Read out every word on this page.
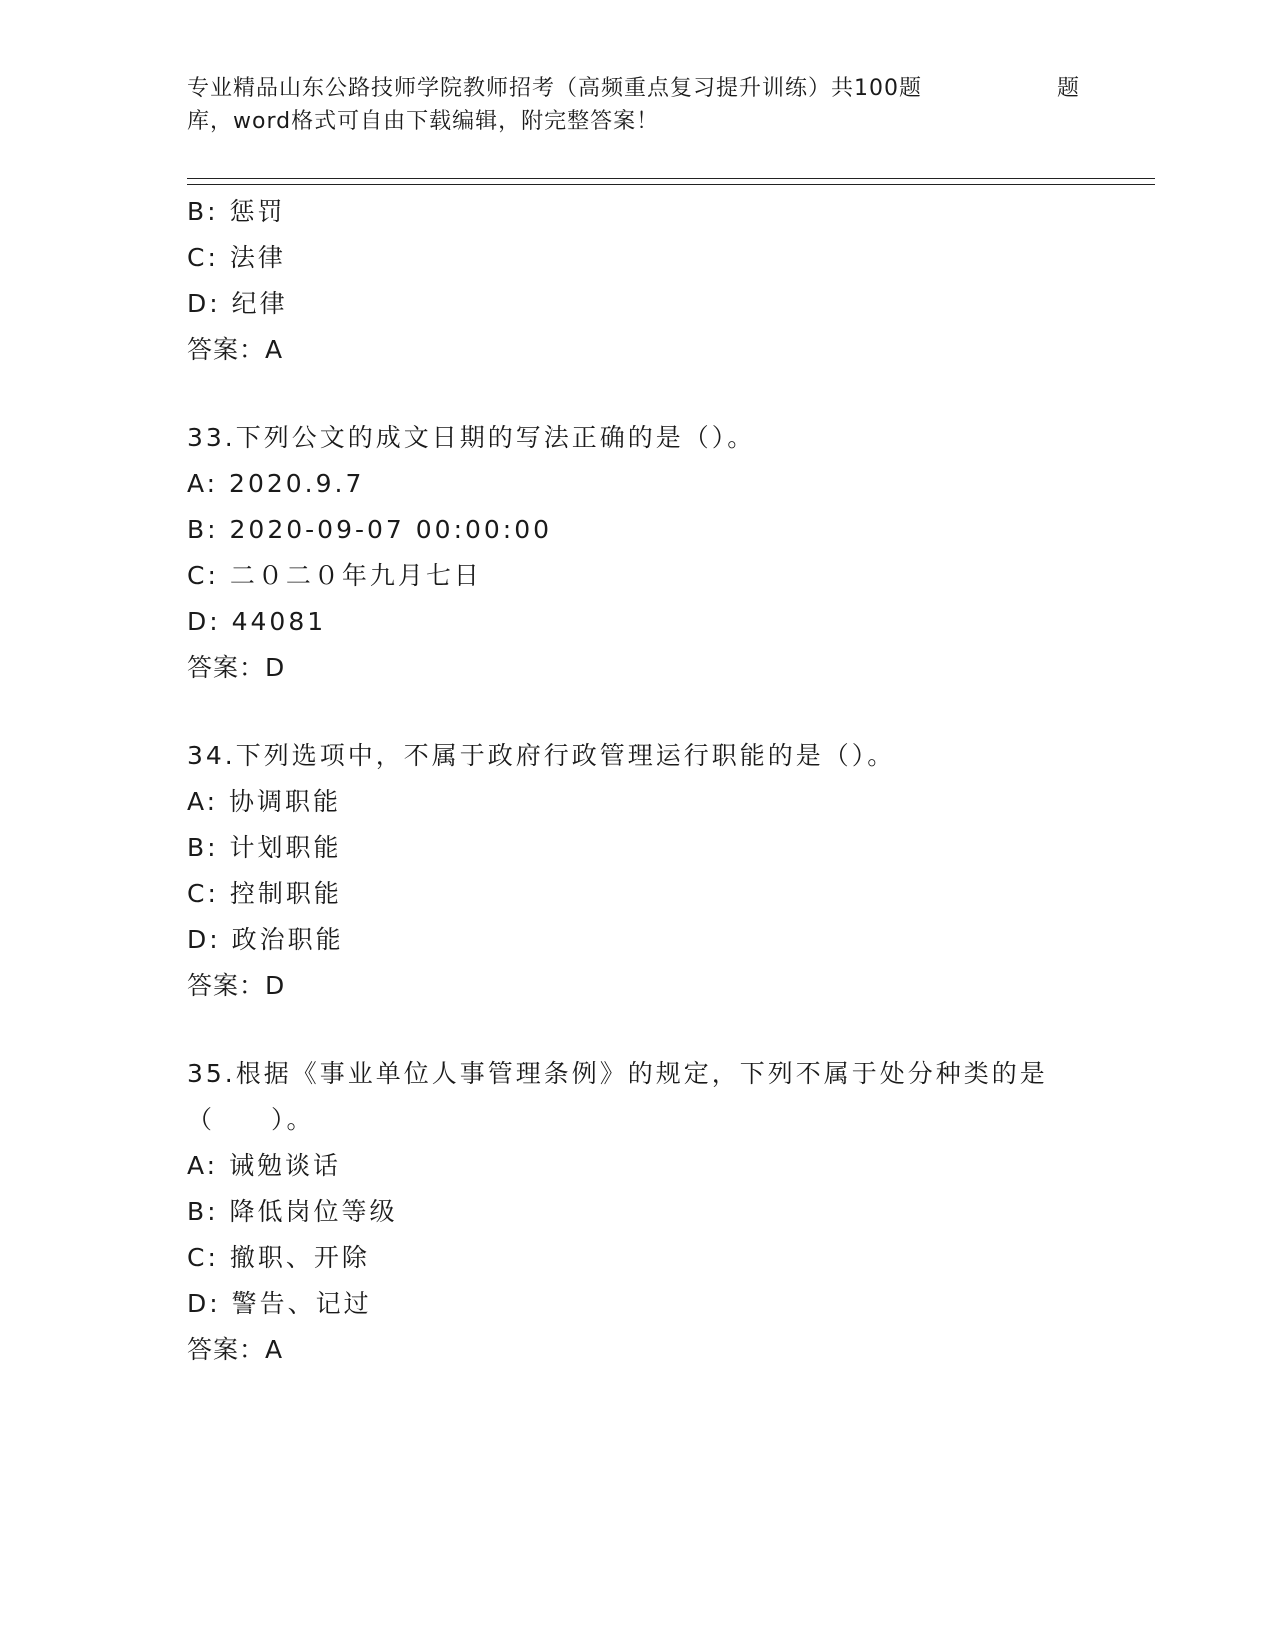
专业精品山东公路技师学院教师招考（高频重点复习提升训练）共100题	题
库，word格式可自由下载编辑，附完整答案！
B: 惩罚
C: 法律
D: 纪律
答案：A
33.下列公文的成文日期的写法正确的是（）。
A: 2020.9.7
B: 2020-09-07 00:00:00
C: 二０二０年九月七日
D: 44081
答案：D
34.下列选项中，不属于政府行政管理运行职能的是（）。
A: 协调职能
B: 计划职能
C: 控制职能
D: 政治职能
答案：D
35.根据《事业单位人事管理条例》的规定，下列不属于处分种类的是
（　　）。
A: 诫勉谈话
B: 降低岗位等级
C: 撤职、开除
D: 警告、记过
答案：A
